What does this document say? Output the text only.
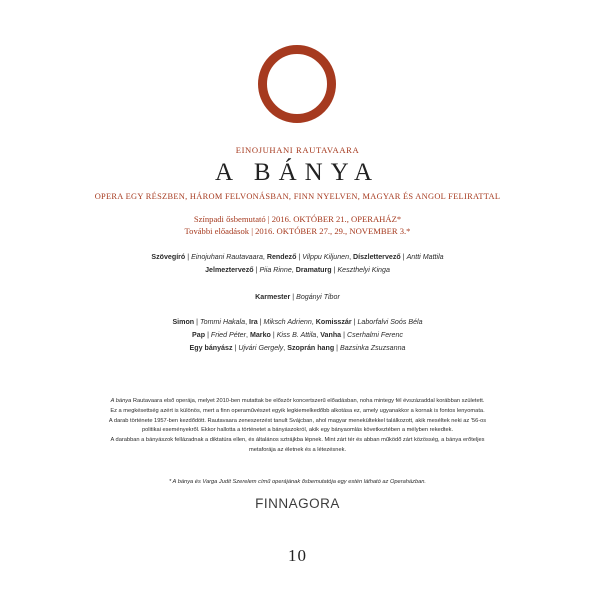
EINOJUHANI RAUTAVAARA
A BÁNYA
OPERA EGY RÉSZBEN, HÁROM FELVONÁSBAN, FINN NYELVEN, MAGYAR ÉS ANGOL FELIRATTAL
Színpadi ősbemutató | 2016. OKTÓBER 21., OPERAHÁZ*
További előadások | 2016. OKTÓBER 27., 29., NOVEMBER 3.*
Szövegíró | Einojuhani Rautavaara, Rendező | Vilppu Kiljunen, Díszlettervező | Antti Mattila
Jelmeztervező | Piia Rinne, Dramaturg | Keszthelyi Kinga
Karmester | Bogányi Tibor
Simon | Tommi Hakala, Ira | Miksch Adrienn, Komisszár | Laborfalvi Soós Béla
Pap | Fried Péter, Marko | Kiss B. Attila, Vanha | Cserhalmi Ferenc
Egy bányász | Ujvári Gergely, Szoprán hang | Bazsinka Zsuzsanna
A bánya Rautavaara első operája, melyet 2010-ben mutattak be először koncertszerű előadásban, noha mintegy fél évszázaddal korábban született.
Ez a megkésettség azért is különös, mert a finn operaművészet egyik legkiemelkedőbb alkotása ez, amely ugyanakkor a kornak is fontos lenyomata.
A darab története 1957-ben kezdődött. Rautavaara zeneszerzést tanult Svájcban, ahol magyar menekültekkel találkozott, akik meséltek neki az '56-os
politikai eseményekről. Ekkor hallotta a történetet a bányászokról, akik egy bányaomlás következtében a mélyben rekedtek.
A darabban a bányászok fellázadnak a diktatúra ellen, és általános sztrájkba lépnek. Mint zárt tér és abban működő zárt közösség, a bánya erőteljes
metaforája az életnek és a létezésnek.
* A bánya és Varga Judit Szerelem című operájának ősbemutatója egy estén látható az Operaházban.
FINNAGORA
10
